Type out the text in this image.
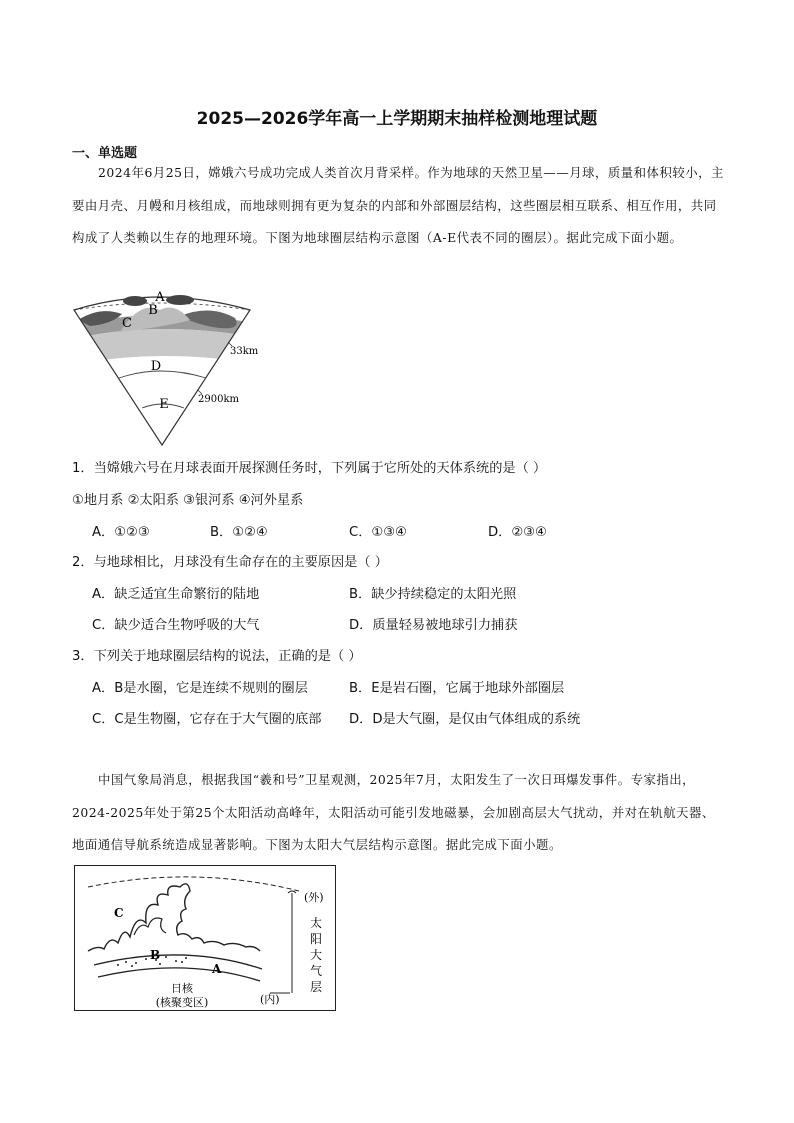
2025—2026学年高一上学期期末抽样检测地理试题
一、单选题
2024年6月25日，嫦娥六号成功完成人类首次月背采样。作为地球的天然卫星——月球，质量和体积较小，主要由月壳、月幔和月核组成，而地球则拥有更为复杂的内部和外部圈层结构，这些圈层相互联系、相互作用，共同构成了人类赖以生存的地理环境。下图为地球圈层结构示意图（A-E代表不同的圈层）。据此完成下面小题。
A
B
C
D
E
33km
2900km
1．当嫦娥六号在月球表面开展探测任务时，下列属于它所处的天体系统的是（ ）
①地月系 ②太阳系 ③银河系 ④河外星系
A．①②③	B．①②④	C．①③④	D．②③④
2．与地球相比，月球没有生命存在的主要原因是（ ）
A．缺乏适宜生命繁衍的陆地	B．缺少持续稳定的太阳光照
C．缺少适合生物呼吸的大气	D．质量轻易被地球引力捕获
3．下列关于地球圈层结构的说法，正确的是（ ）
A．B是水圈，它是连续不规则的圈层	B．E是岩石圈，它属于地球外部圈层
C．C是生物圈，它存在于大气圈的底部 D．D是大气圈，是仅由气体组成的系统
中国气象局消息，根据我国“羲和号”卫星观测，2025年7月，太阳发生了一次日珥爆发事件。专家指出，2024-2025年处于第25个太阳活动高峰年，太阳活动可能引发地磁暴，会加剧高层大气扰动，并对在轨航天器、地面通信导航系统造成显著影响。下图为太阳大气层结构示意图。据此完成下面小题。
(外)
(内)
太
阳
大
气
层
日核
(核聚变区)
C
B
A
